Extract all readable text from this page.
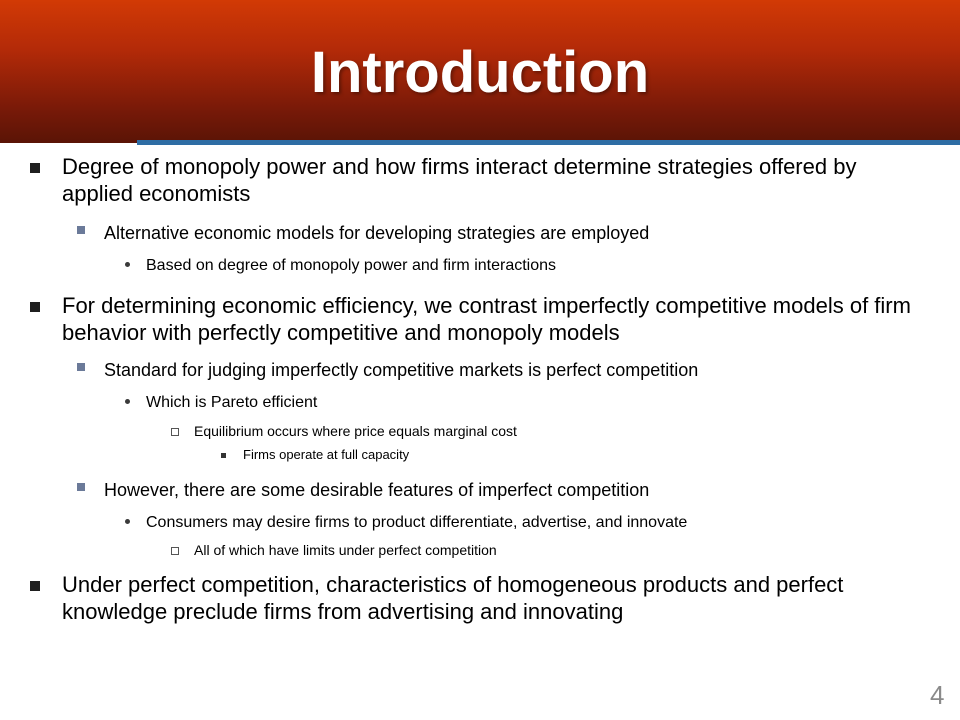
Introduction
Degree of monopoly power and how firms interact determine strategies offered by applied economists
Alternative economic models for developing strategies are employed
Based on degree of monopoly power and firm interactions
For determining economic efficiency, we contrast imperfectly competitive models of firm behavior with perfectly competitive and monopoly models
Standard for judging imperfectly competitive markets is perfect competition
Which is Pareto efficient
Equilibrium occurs where price equals marginal cost
Firms operate at full capacity
However, there are some desirable features of imperfect competition
Consumers may desire firms to product differentiate, advertise, and innovate
All of which have limits under perfect competition
Under perfect competition, characteristics of homogeneous products and perfect knowledge preclude firms from advertising and innovating
4
